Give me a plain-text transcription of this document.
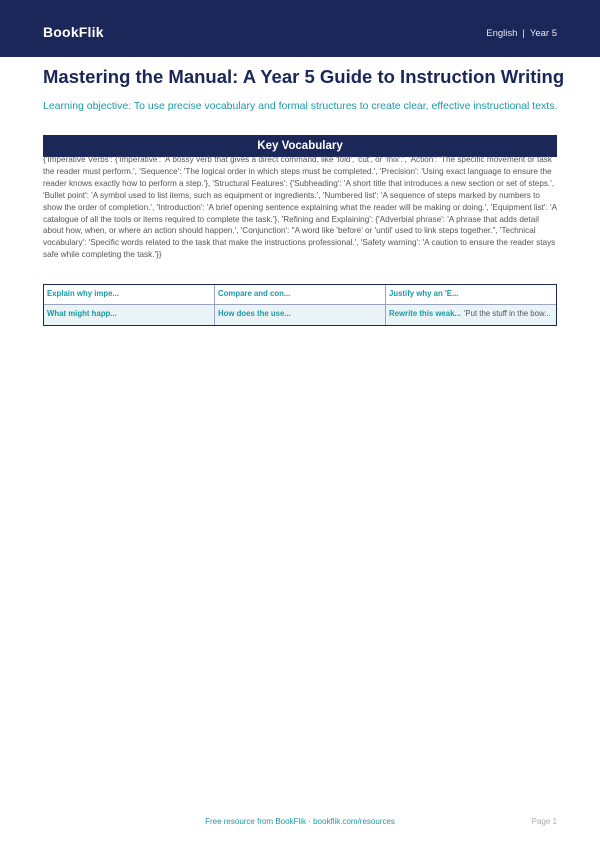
BookFlik	English | Year 5
Mastering the Manual: A Year 5 Guide to Instruction Writing
Learning objective: To use precise vocabulary and formal structures to create clear, effective instructional texts.
Key Vocabulary
{'Imperative Verbs': {'Imperative': 'A bossy verb that gives a direct command, like 'fold', 'cut', or 'mix'.', 'Action': 'The specific movement or task the reader must perform.', 'Sequence': 'The logical order in which steps must be completed.', 'Precision': 'Using exact language to ensure the reader knows exactly how to perform a step.'}, 'Structural Features': {'Subheading': 'A short title that introduces a new section or set of steps.', 'Bullet point': 'A symbol used to list items, such as equipment or ingredients.', 'Numbered list': 'A sequence of steps marked by numbers to show the order of completion.', 'Introduction': 'A brief opening sentence explaining what the reader will be making or doing.', 'Equipment list': 'A catalogue of all the tools or items required to complete the task.'}, 'Refining and Explaining': {'Adverbial phrase': 'A phrase that adds detail about how, when, or where an action should happen.', 'Conjunction': "A word like 'before' or 'until' used to link steps together.", 'Technical vocabulary': 'Specific words related to the task that make the instructions professional.', 'Safety warning': 'A caution to ensure the reader stays safe while completing the task.'}}
Explain why impe...	Compare and con...	Justify why an 'E...
What might happ...	How does the use...	Rewrite this weak... 'Put the stuff in the bow...
Free resource from BookFlik · bookflik.com/resources	Page 1
